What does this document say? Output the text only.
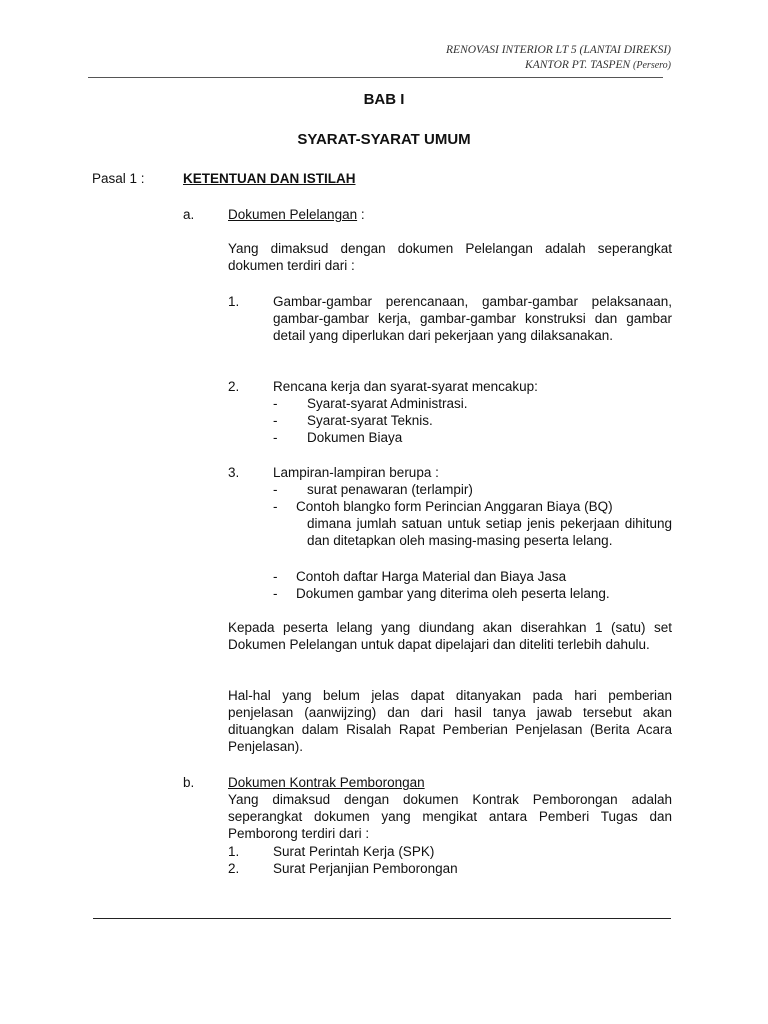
RENOVASI INTERIOR LT 5 (LANTAI DIREKSI)
KANTOR PT. TASPEN (Persero)
BAB I
SYARAT-SYARAT UMUM
Pasal 1 :	KETENTUAN DAN ISTILAH
a. Dokumen Pelelangan :
Yang dimaksud dengan dokumen Pelelangan adalah seperangkat dokumen terdiri dari :
1. Gambar-gambar perencanaan, gambar-gambar pelaksanaan, gambar-gambar kerja, gambar-gambar konstruksi dan gambar detail yang diperlukan dari pekerjaan yang dilaksanakan.
2. Rencana kerja dan syarat-syarat mencakup:
- Syarat-syarat Administrasi.
- Syarat-syarat Teknis.
- Dokumen Biaya
3. Lampiran-lampiran berupa :
- surat penawaran (terlampir)
- Contoh blangko form Perincian Anggaran Biaya (BQ)
dimana jumlah satuan untuk setiap jenis pekerjaan dihitung dan ditetapkan oleh masing-masing peserta lelang.
- Contoh daftar Harga Material dan Biaya Jasa
- Dokumen gambar yang diterima oleh peserta lelang.
Kepada peserta lelang yang diundang akan diserahkan 1 (satu) set Dokumen Pelelangan untuk dapat dipelajari dan diteliti terlebih dahulu.
Hal-hal yang belum jelas dapat ditanyakan pada hari pemberian penjelasan (aanwijzing) dan dari hasil tanya jawab tersebut akan dituangkan dalam Risalah Rapat Pemberian Penjelasan (Berita Acara Penjelasan).
b. Dokumen Kontrak Pemborongan
Yang dimaksud dengan dokumen Kontrak Pemborongan adalah seperangkat dokumen yang mengikat antara Pemberi Tugas dan Pemborong terdiri dari :
1. Surat Perintah Kerja (SPK)
2. Surat Perjanjian Pemborongan
